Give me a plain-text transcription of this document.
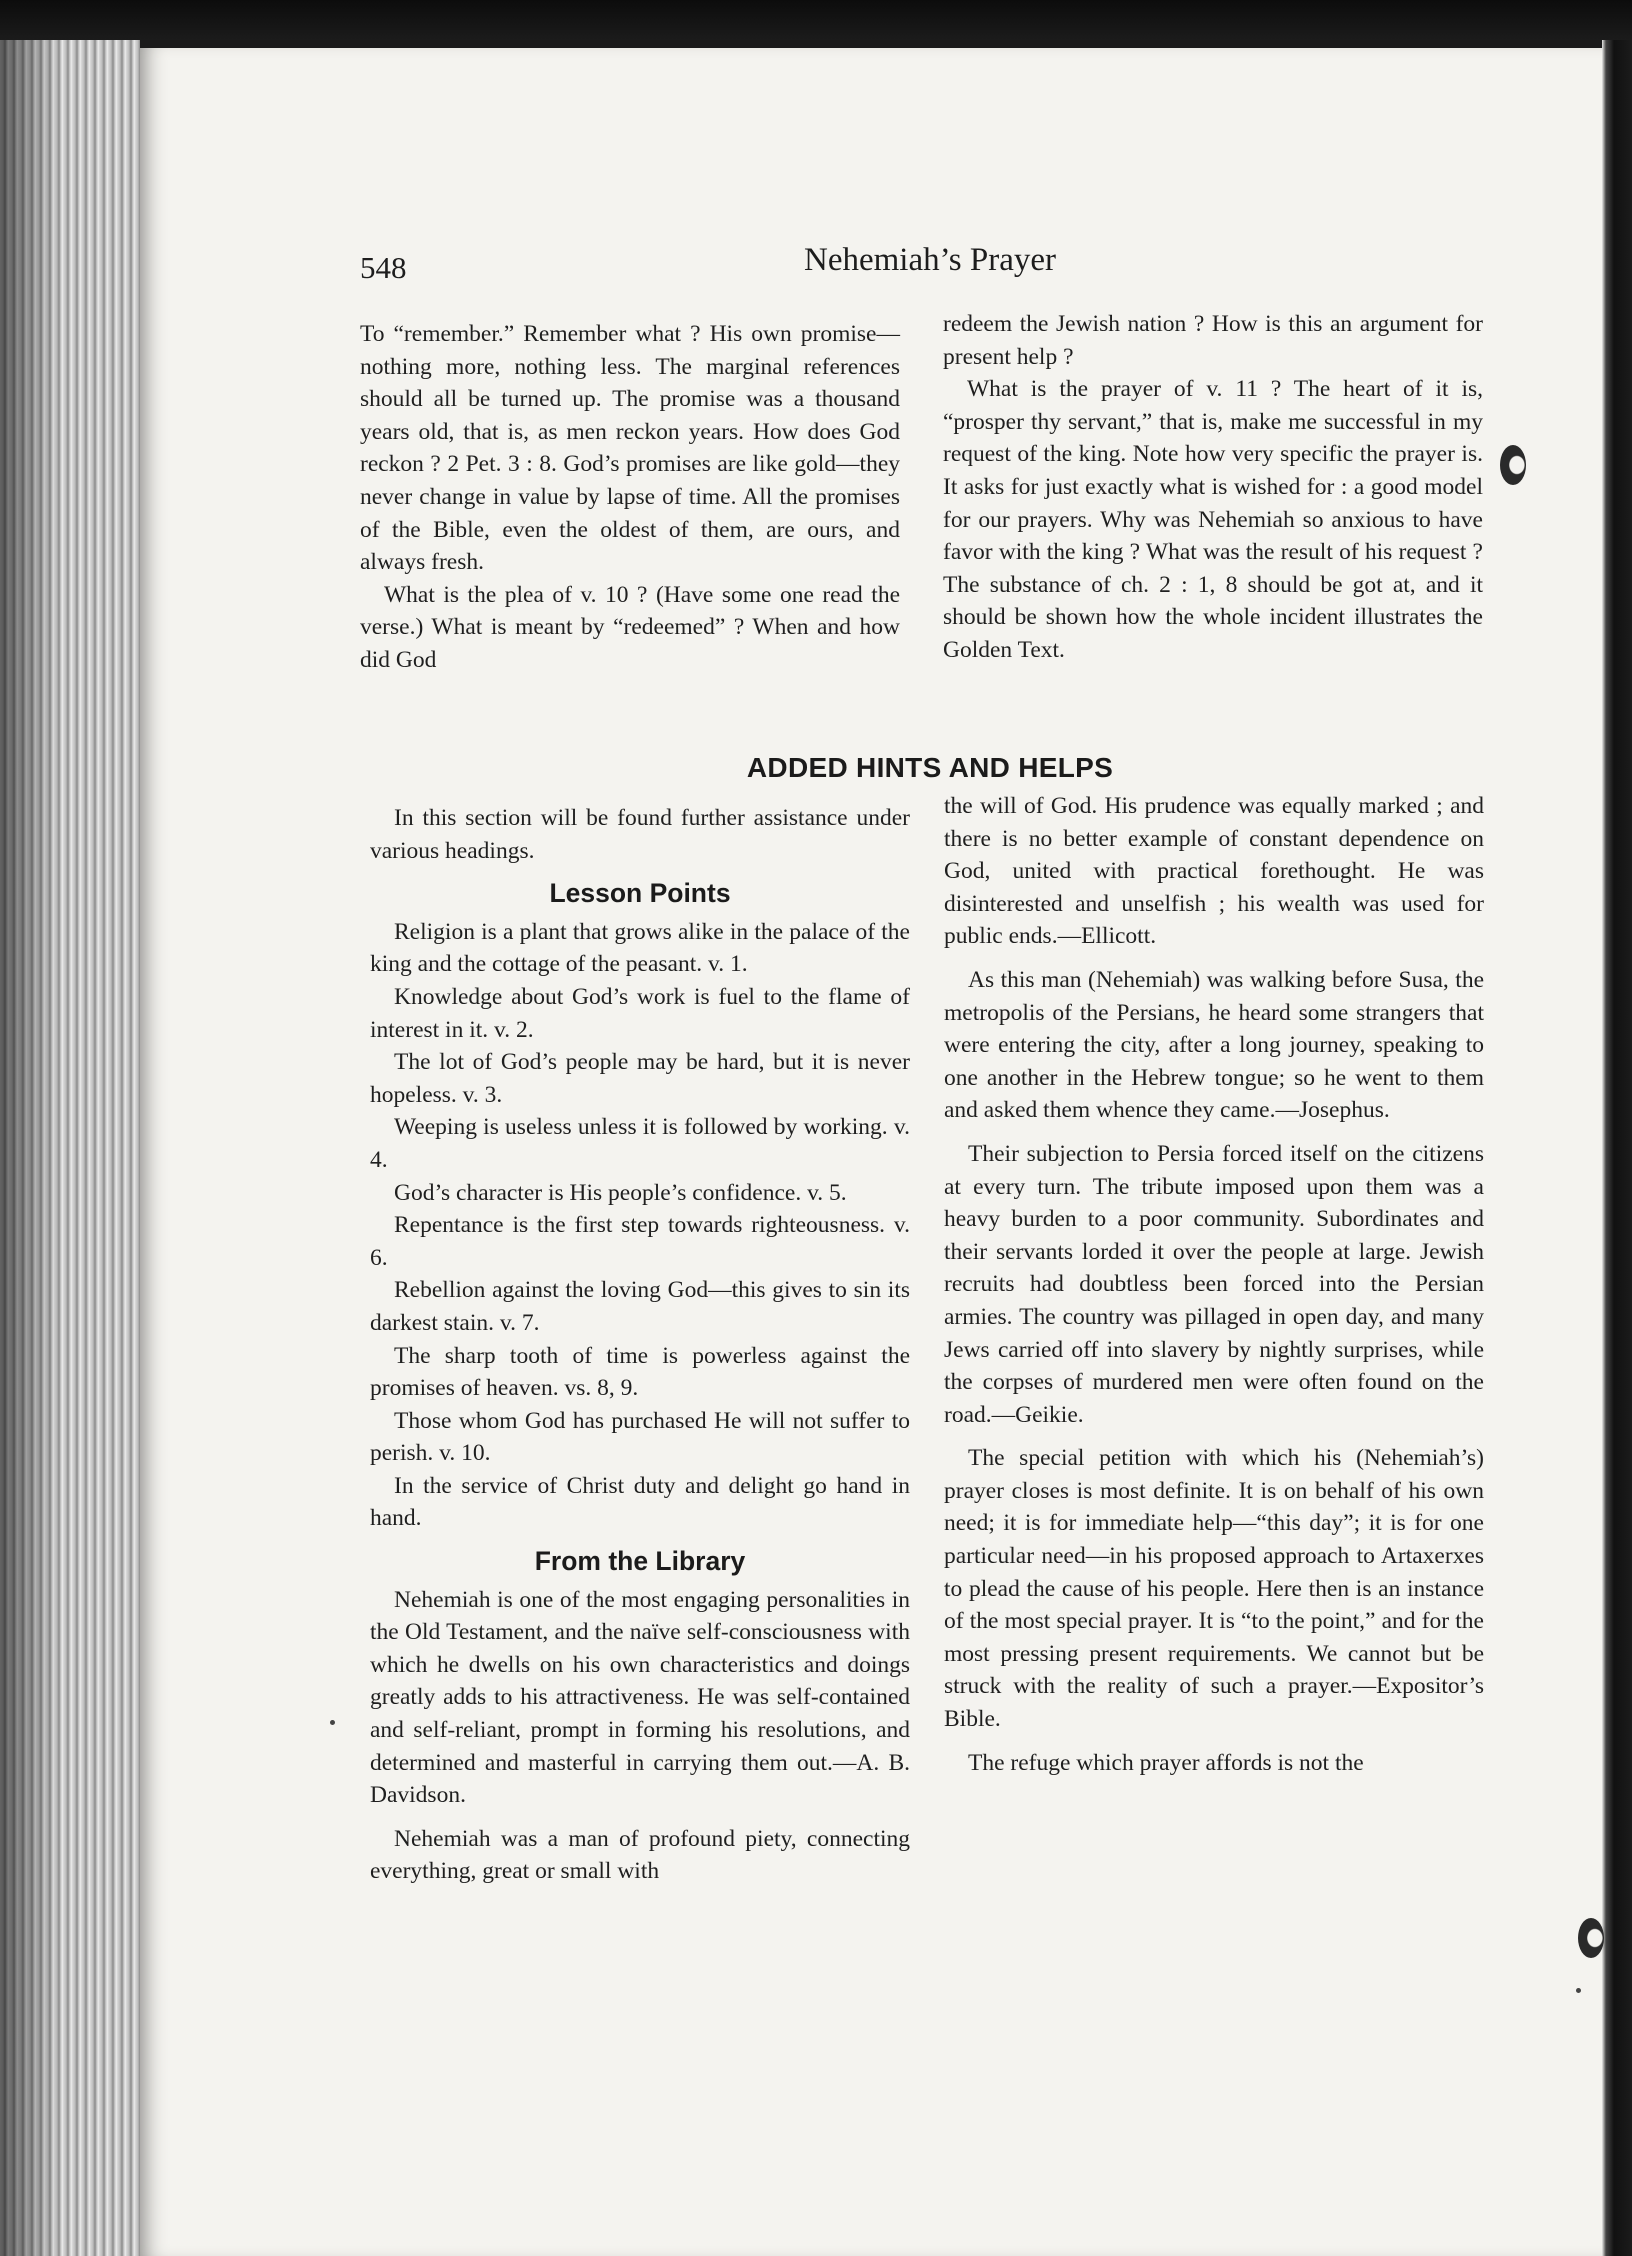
Nehemiah’s Prayer
548

To “remember.” Remember what ? His own promise—nothing more, nothing less. The marginal references should all be turned up. The promise was a thousand years old, that is, as men reckon years. How does God reckon ? 2 Pet. 3 : 8. God’s promises are like gold—they never change in value by lapse of time. All the promises of the Bible, even the oldest of them, are ours, and always fresh.

What is the plea of v. 10 ? (Have some one read the verse.) What is meant by “redeemed” ? When and how did God

redeem the Jewish nation ? How is this an argument for present help ?

What is the prayer of v. 11 ? The heart of it is, “prosper thy servant,” that is, make me successful in my request of the king. Note how very specific the prayer is. It asks for just exactly what is wished for : a good model for our prayers. Why was Nehemiah so anxious to have favor with the king ? What was the result of his request ? The substance of ch. 2 : 1, 8 should be got at, and it should be shown how the whole incident illustrates the Golden Text.

ADDED HINTS AND HELPS

In this section will be found further assistance under various headings.

Lesson Points

Religion is a plant that grows alike in the palace of the king and the cottage of the peasant. v. 1.

Knowledge about God’s work is fuel to the flame of interest in it. v. 2.

The lot of God’s people may be hard, but it is never hopeless. v. 3.

Weeping is useless unless it is followed by working. v. 4.

God’s character is His people’s confidence. v. 5.

Repentance is the first step towards righteousness. v. 6.

Rebellion against the loving God—this gives to sin its darkest stain. v. 7.

The sharp tooth of time is powerless against the promises of heaven. vs. 8, 9.

Those whom God has purchased He will not suffer to perish. v. 10.

In the service of Christ duty and delight go hand in hand.

From the Library

Nehemiah is one of the most engaging personalities in the Old Testament, and the naïve self-consciousness with which he dwells on his own characteristics and doings greatly adds to his attractiveness. He was self-contained and self-reliant, prompt in forming his resolutions, and determined and masterful in carrying them out.—A. B. Davidson.

Nehemiah was a man of profound piety, connecting everything, great or small with

the will of God. His prudence was equally marked ; and there is no better example of constant dependence on God, united with practical forethought. He was disinterested and unselfish ; his wealth was used for public ends.—Ellicott.

As this man (Nehemiah) was walking before Susa, the metropolis of the Persians, he heard some strangers that were entering the city, after a long journey, speaking to one another in the Hebrew tongue; so he went to them and asked them whence they came.—Josephus.

Their subjection to Persia forced itself on the citizens at every turn. The tribute imposed upon them was a heavy burden to a poor community. Subordinates and their servants lorded it over the people at large. Jewish recruits had doubtless been forced into the Persian armies. The country was pillaged in open day, and many Jews carried off into slavery by nightly surprises, while the corpses of murdered men were often found on the road.—Geikie.

The special petition with which his (Nehemiah’s) prayer closes is most definite. It is on behalf of his own need; it is for immediate help—“this day”; it is for one particular need—in his proposed approach to Artaxerxes to plead the cause of his people. Here then is an instance of the most special prayer. It is “to the point,” and for the most pressing present requirements. We cannot but be struck with the reality of such a prayer.—Expositor’s Bible.

The refuge which prayer affords is not the
